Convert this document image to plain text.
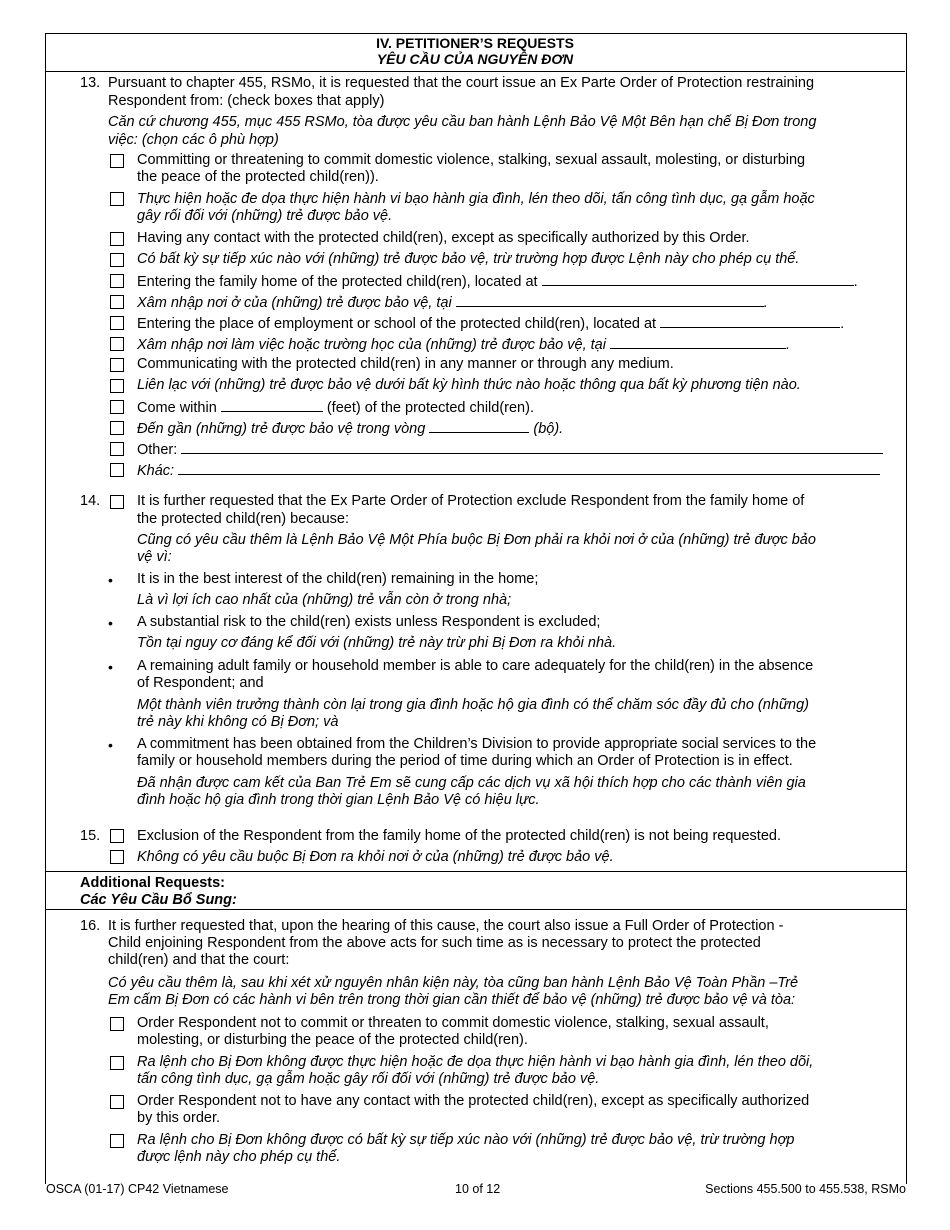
IV. PETITIONER’S REQUESTS
YÊU CẦU CỦA NGUYÊN ĐƠN
13. Pursuant to chapter 455, RSMo, it is requested that the court issue an Ex Parte Order of Protection restraining
Respondent from: (check boxes that apply)
Căn cứ chương 455, mục 455 RSMo, tòa được yêu cầu ban hành Lệnh Bảo Vệ Một Bên hạn chế Bị Đơn trong
việc: (chọn các ô phù hợp)
Committing or threatening to commit domestic violence, stalking, sexual assault, molesting, or disturbing
the peace of the protected child(ren)).
Thực hiện hoặc đe dọa thực hiện hành vi bạo hành gia đình, lén theo dõi, tấn công tình dục, gạ gẫm hoặc
gây rối đối với (những) trẻ được bảo vệ.
Having any contact with the protected child(ren), except as specifically authorized by this Order.
Có bất kỳ sự tiếp xúc nào với (những) trẻ được bảo vệ, trừ trường hợp được Lệnh này cho phép cụ thể.
Entering the family home of the protected child(ren), located at	.
Xâm nhập nơi ở của (những) trẻ được bảo vệ, tại	.
Entering the place of employment or school of the protected child(ren), located at	.
Xâm nhập nơi làm việc hoặc trường học của (những) trẻ được bảo vệ, tại	.
Communicating with the protected child(ren) in any manner or through any medium.
Liên lạc với (những) trẻ được bảo vệ dưới bất kỳ hình thức nào hoặc thông qua bất kỳ phương tiện nào.
Come within	(feet) of the protected child(ren).
Đến gần (những) trẻ được bảo vệ trong vòng	(bộ).
Other:
Khác:
14.	It is further requested that the Ex Parte Order of Protection exclude Respondent from the family home of
the protected child(ren) because:
Cũng có yêu cầu thêm là Lệnh Bảo Vệ Một Phía buộc Bị Đơn phải ra khỏi nơi ở của (những) trẻ được bảo
vệ vì:
• It is in the best interest of the child(ren) remaining in the home;
Là vì lợi ích cao nhất của (những) trẻ vẫn còn ở trong nhà;
• A substantial risk to the child(ren) exists unless Respondent is excluded;
Tồn tại nguy cơ đáng kể đối với (những) trẻ này trừ phi Bị Đơn ra khỏi nhà.
• A remaining adult family or household member is able to care adequately for the child(ren) in the absence
of Respondent; and
Một thành viên trưởng thành còn lại trong gia đình hoặc hộ gia đình có thể chăm sóc đầy đủ cho (những)
trẻ này khi không có Bị Đơn; và
• A commitment has been obtained from the Children’s Division to provide appropriate social services to the
family or household members during the period of time during which an Order of Protection is in effect.
Đã nhận được cam kết của Ban Trẻ Em sẽ cung cấp các dịch vụ xã hội thích hợp cho các thành viên gia
đình hoặc hộ gia đình trong thời gian Lệnh Bảo Vệ có hiệu lực.
15.	Exclusion of the Respondent from the family home of the protected child(ren) is not being requested.
Không có yêu cầu buộc Bị Đơn ra khỏi nơi ở của (những) trẻ được bảo vệ.
Additional Requests:
Các Yêu Cầu Bổ Sung:
16. It is further requested that, upon the hearing of this cause, the court also issue a Full Order of Protection -
Child enjoining Respondent from the above acts for such time as is necessary to protect the protected
child(ren) and that the court:
Có yêu cầu thêm là, sau khi xét xử nguyên nhân kiện này, tòa cũng ban hành Lệnh Bảo Vệ Toàn Phần –Trẻ
Em cấm Bị Đơn có các hành vi bên trên trong thời gian cần thiết để bảo vệ (những) trẻ được bảo vệ và tòa:
Order Respondent not to commit or threaten to commit domestic violence, stalking, sexual assault,
molesting, or disturbing the peace of the protected child(ren).
Ra lệnh cho Bị Đơn không được thực hiện hoặc đe dọa thực hiện hành vi bạo hành gia đình, lén theo dõi,
tấn công tình dục, gạ gẫm hoặc gây rối đối với (những) trẻ được bảo vệ.
Order Respondent not to have any contact with the protected child(ren), except as specifically authorized
by this order.
Ra lệnh cho Bị Đơn không được có bất kỳ sự tiếp xúc nào với (những) trẻ được bảo vệ, trừ trường hợp
được lệnh này cho phép cụ thể.
OSCA (01-17) CP42 Vietnamese	10 of 12	Sections 455.500 to 455.538, RSMo
